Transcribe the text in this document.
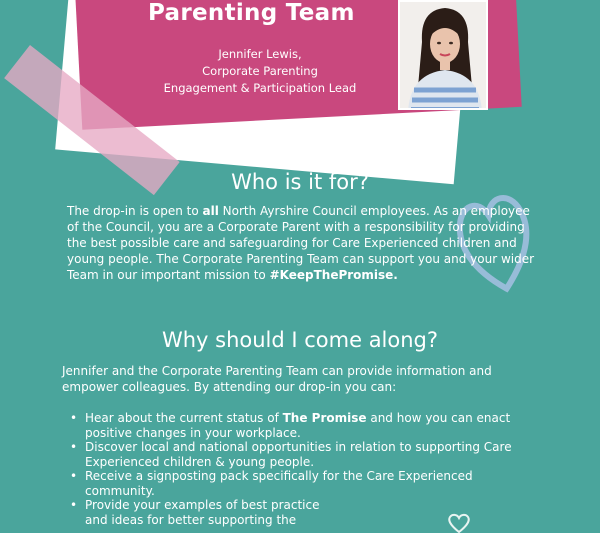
Parenting Team
Jennifer Lewis,
Corporate Parenting
Engagement & Participation Lead
Who is it for?
The drop-in is open to all North Ayrshire Council employees. As an employee of the Council, you are a Corporate Parent with a responsibility for providing the best possible care and safeguarding for Care Experienced children and young people. The Corporate Parenting Team can support you and your wider Team in our important mission to #KeepThePromise.
Why should I come along?
Jennifer and the Corporate Parenting Team can provide information and empower colleagues. By attending our drop-in you can:
• Hear about the current status of The Promise and how you can enact positive changes in your workplace.
• Discover local and national opportunities in relation to supporting Care Experienced children & young people.
• Receive a signposting pack specifically for the Care Experienced community.
• Provide your examples of best practice
and ideas for better supporting the
